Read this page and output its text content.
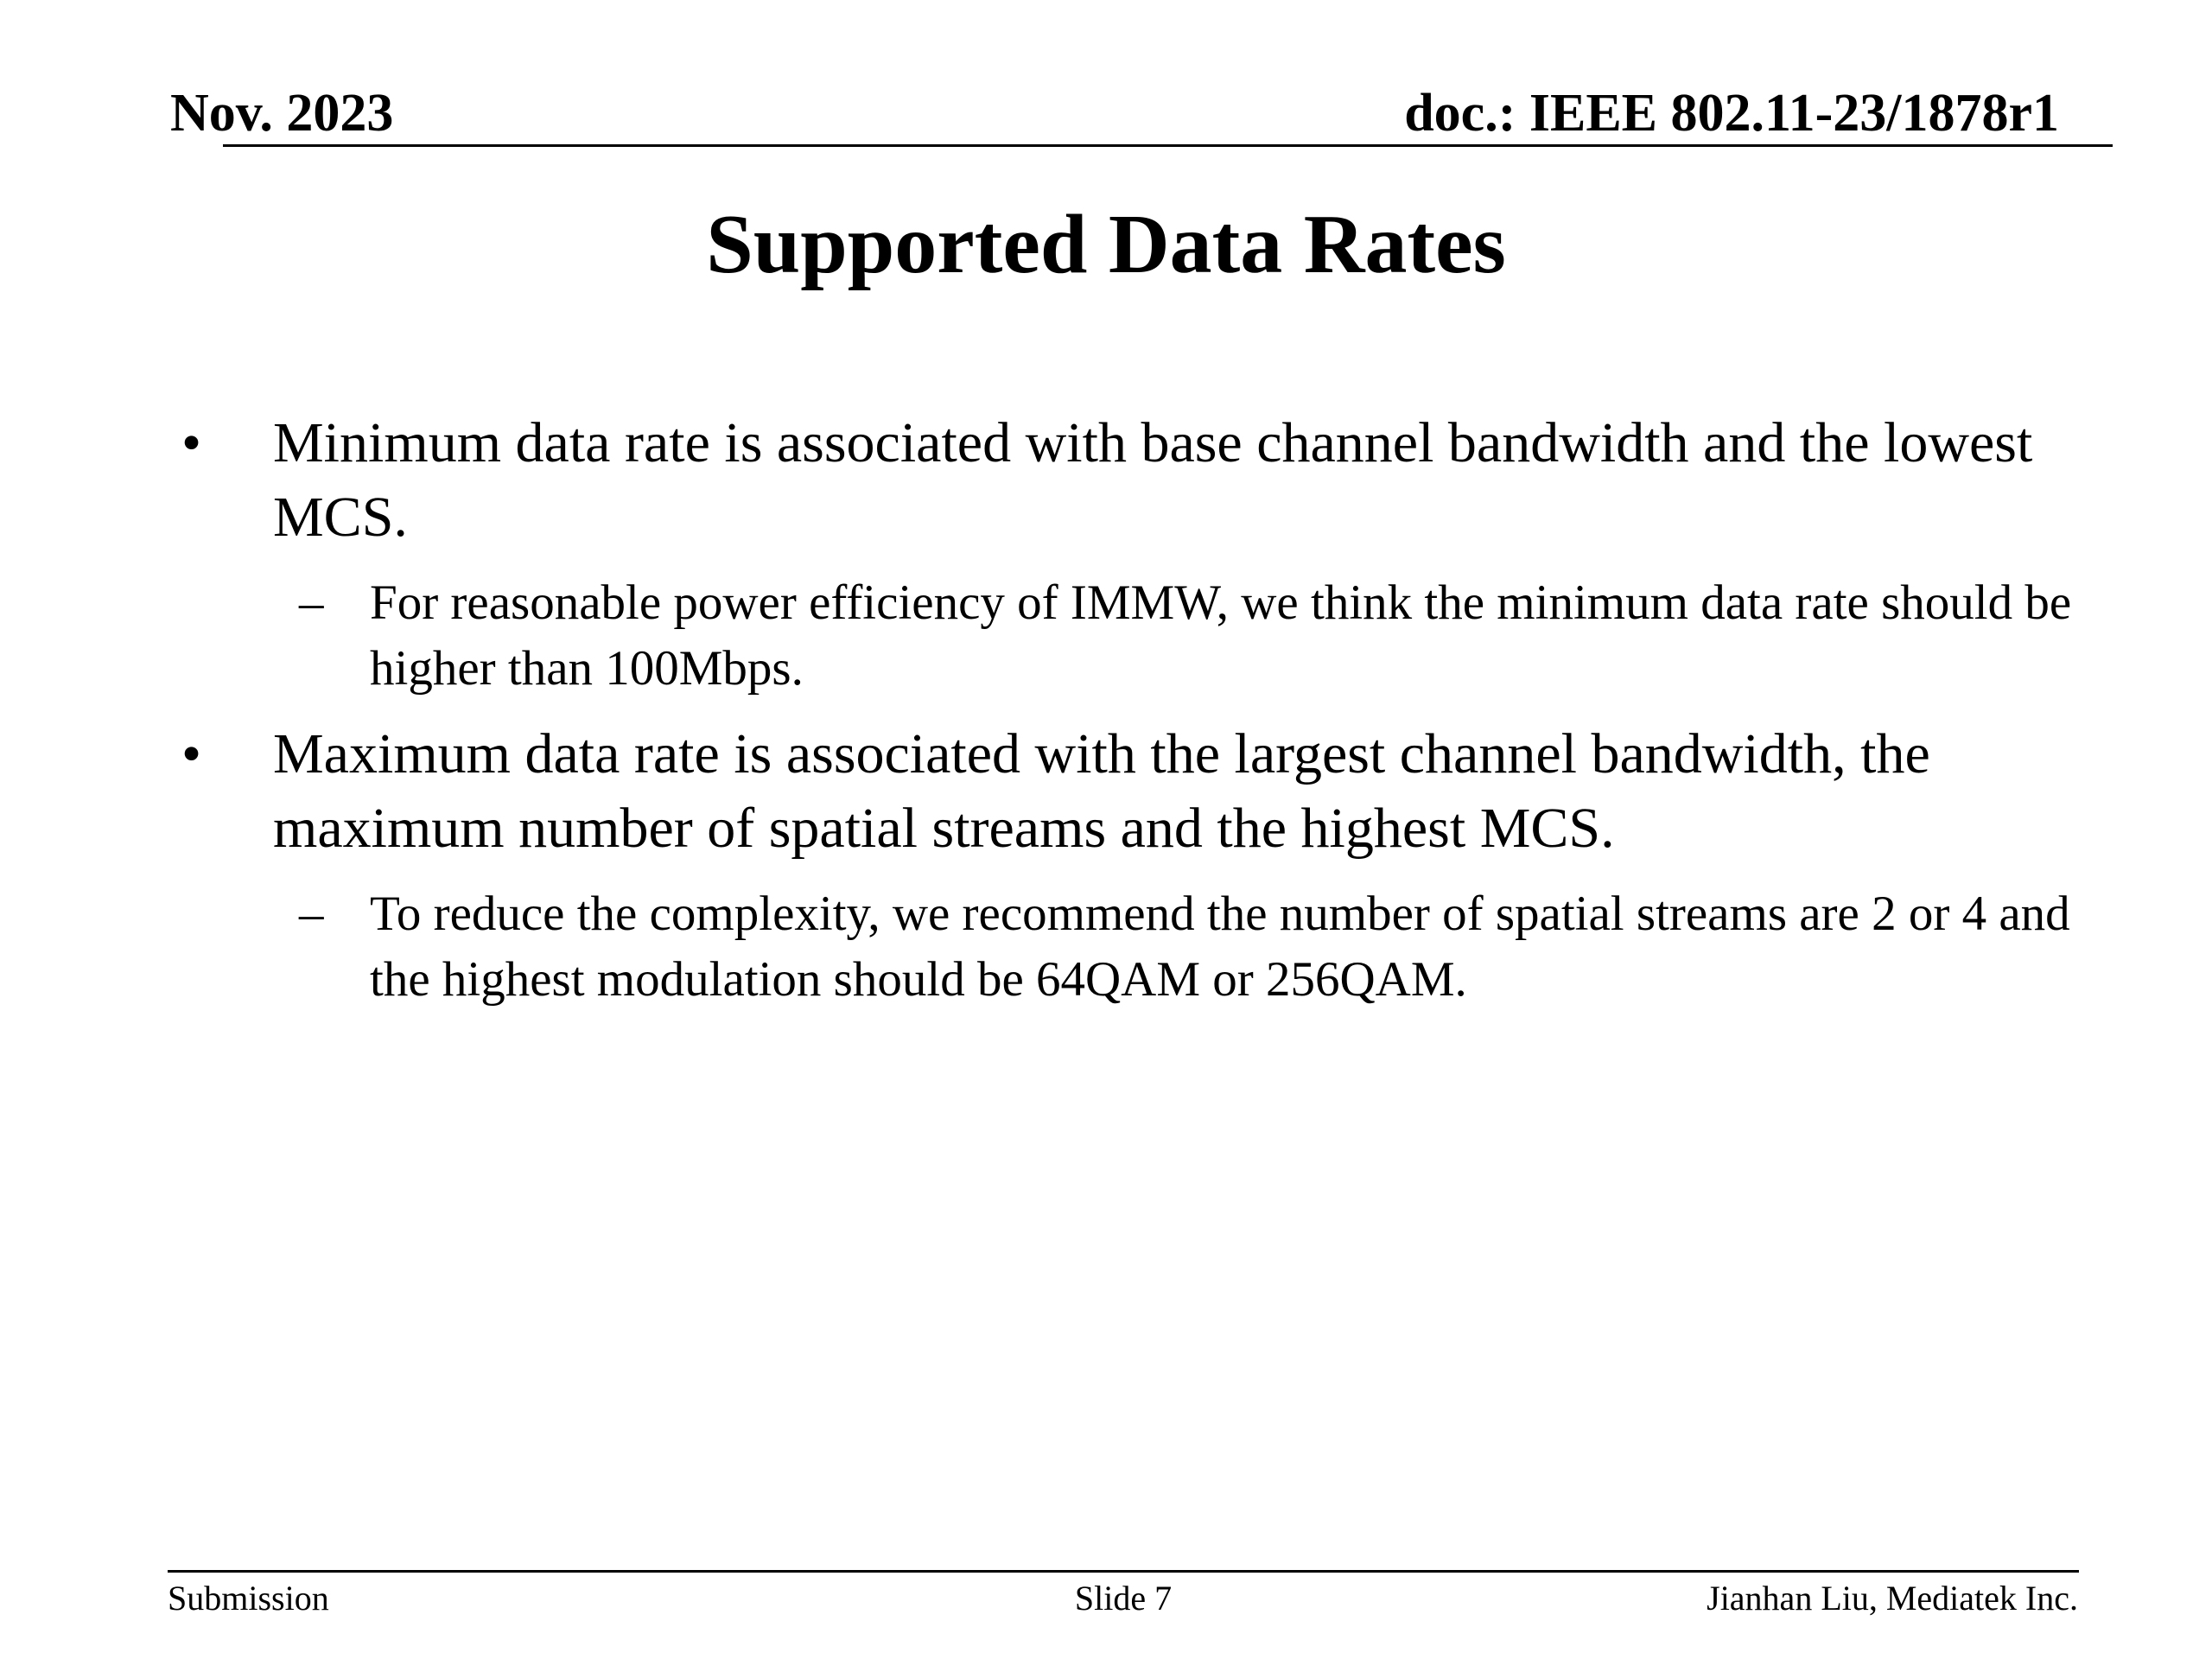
Nov. 2023	doc.: IEEE 802.11-23/1878r1
Supported Data Rates
• Minimum data rate is associated with base channel bandwidth and the lowest MCS.
– For reasonable power efficiency of IMMW, we think the minimum data rate should be higher than 100Mbps.
• Maximum data rate is associated with the largest channel bandwidth, the maximum number of spatial streams and the highest MCS.
– To reduce the complexity, we recommend the number of spatial streams are 2 or 4 and the highest modulation should be 64QAM or 256QAM.
Submission	Slide 7	Jianhan Liu, Mediatek Inc.
